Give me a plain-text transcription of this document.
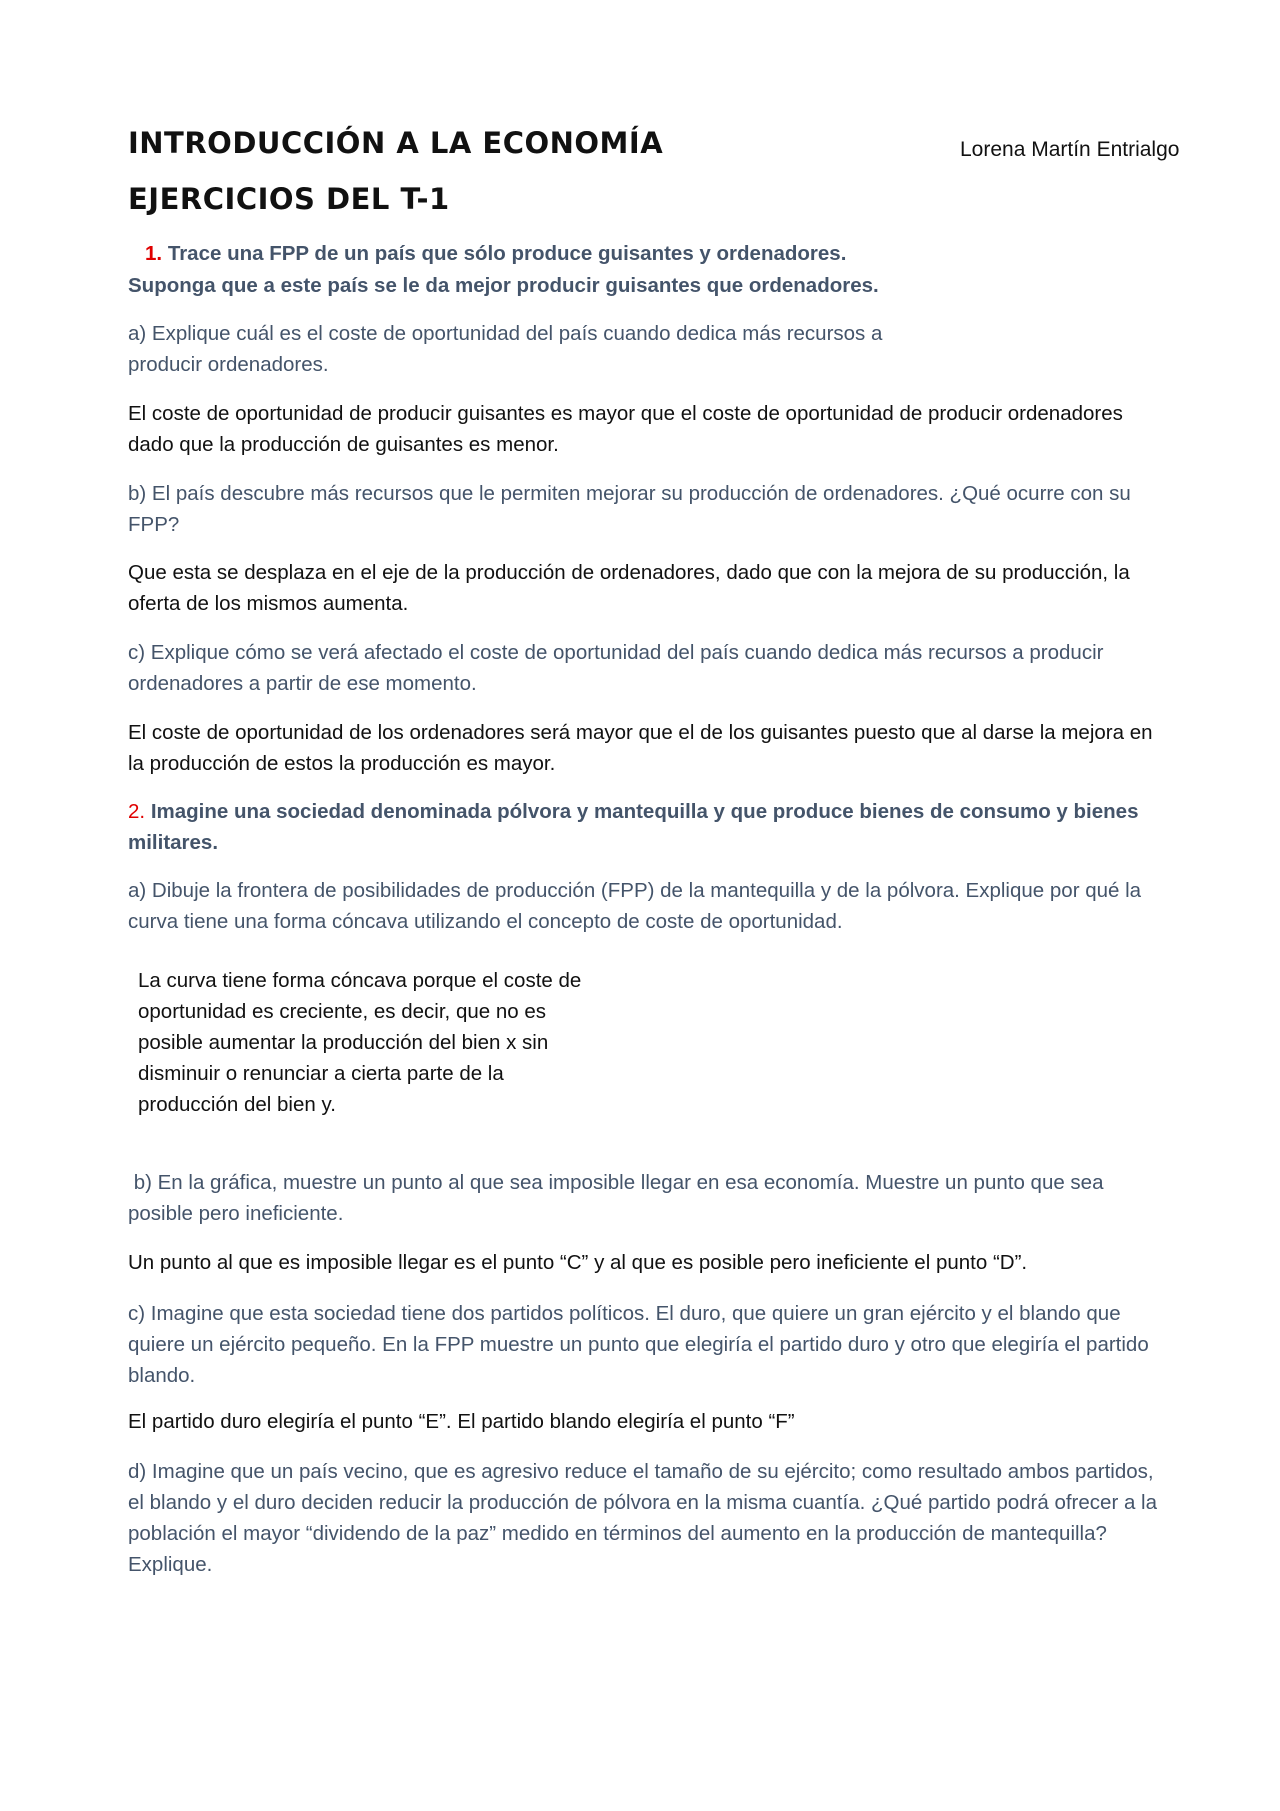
INTRODUCCIÓN A LA ECONOMÍA	Lorena Martín Entrialgo
EJERCICIOS DEL T-1
1. Trace una FPP de un país que sólo produce guisantes y ordenadores.
Suponga que a este país se le da mejor producir guisantes que ordenadores.
a) Explique cuál es el coste de oportunidad del país cuando dedica más recursos a
producir ordenadores.
El coste de oportunidad de producir guisantes es mayor que el coste de oportunidad de producir ordenadores dado que la producción de guisantes es menor.
b) El país descubre más recursos que le permiten mejorar su producción de ordenadores. ¿Qué ocurre con su FPP?
Que esta se desplaza en el eje de la producción de ordenadores, dado que con la mejora de su producción, la oferta de los mismos aumenta.
c) Explique cómo se verá afectado el coste de oportunidad del país cuando dedica más recursos a producir ordenadores a partir de ese momento.
El coste de oportunidad de los ordenadores será mayor que el de los guisantes puesto que al darse la mejora en la producción de estos la producción es mayor.
2. Imagine una sociedad denominada pólvora y mantequilla y que produce bienes de consumo y bienes militares.
a) Dibuje la frontera de posibilidades de producción (FPP) de la mantequilla y de la pólvora. Explique por qué la curva tiene una forma cóncava utilizando el concepto de coste de oportunidad.
La curva tiene forma cóncava porque el coste de oportunidad es creciente, es decir, que no es posible aumentar la producción del bien x sin disminuir o renunciar a cierta parte de la producción del bien y.
b) En la gráfica, muestre un punto al que sea imposible llegar en esa economía. Muestre un punto que sea posible pero ineficiente.
Un punto al que es imposible llegar es el punto “C” y al que es posible pero ineficiente el punto “D”.
c) Imagine que esta sociedad tiene dos partidos políticos. El duro, que quiere un gran ejército y el blando que quiere un ejército pequeño. En la FPP muestre un punto que elegiría el partido duro y otro que elegiría el partido blando.
El partido duro elegiría el punto “E”. El partido blando elegiría el punto “F”
d) Imagine que un país vecino, que es agresivo reduce el tamaño de su ejército; como resultado ambos partidos, el blando y el duro deciden reducir la producción de pólvora en la misma cuantía. ¿Qué partido podrá ofrecer a la población el mayor “dividendo de la paz” medido en términos del aumento en la producción de mantequilla? Explique.
